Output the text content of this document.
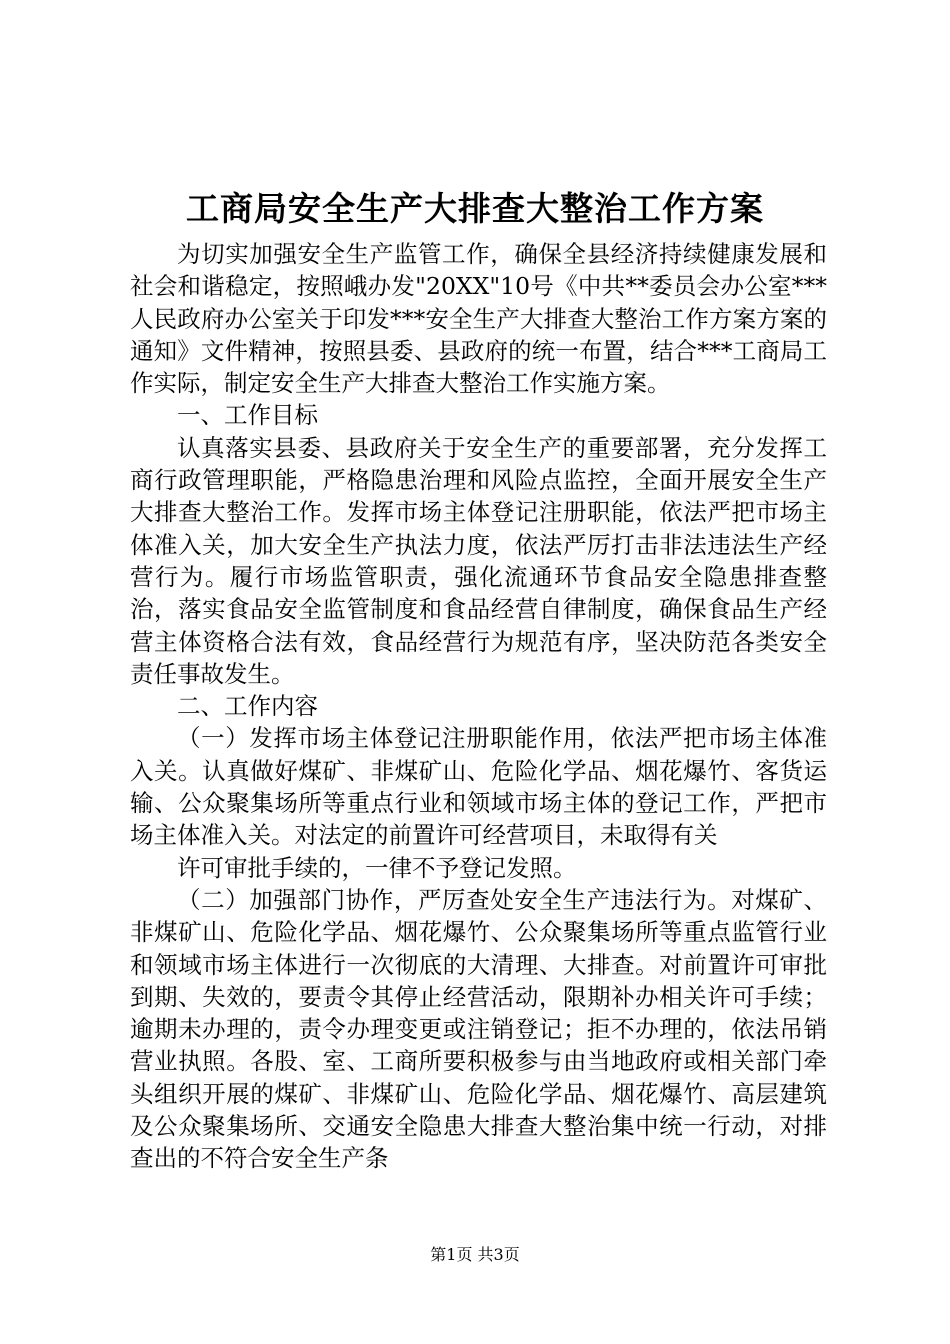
工商局安全生产大排查大整治工作方案

为切实加强安全生产监管工作，确保全县经济持续健康发展和社会和谐稳定，按照峨办发"20XX"10号《中共**委员会办公室***人民政府办公室关于印发***安全生产大排查大整治工作方案方案的通知》文件精神，按照县委、县政府的统一布置，结合***工商局工作实际，制定安全生产大排查大整治工作实施方案。

一、工作目标

认真落实县委、县政府关于安全生产的重要部署，充分发挥工商行政管理职能，严格隐患治理和风险点监控，全面开展安全生产大排查大整治工作。发挥市场主体登记注册职能，依法严把市场主体准入关，加大安全生产执法力度，依法严厉打击非法违法生产经营行为。履行市场监管职责，强化流通环节食品安全隐患排查整治，落实食品安全监管制度和食品经营自律制度，确保食品生产经营主体资格合法有效，食品经营行为规范有序，坚决防范各类安全责任事故发生。

二、工作内容

（一）发挥市场主体登记注册职能作用，依法严把市场主体准入关。认真做好煤矿、非煤矿山、危险化学品、烟花爆竹、客货运输、公众聚集场所等重点行业和领域市场主体的登记工作，严把市场主体准入关。对法定的前置许可经营项目，未取得有关

许可审批手续的，一律不予登记发照。

（二）加强部门协作，严厉查处安全生产违法行为。对煤矿、非煤矿山、危险化学品、烟花爆竹、公众聚集场所等重点监管行业和领域市场主体进行一次彻底的大清理、大排查。对前置许可审批到期、失效的，要责令其停止经营活动，限期补办相关许可手续；逾期未办理的，责令办理变更或注销登记；拒不办理的，依法吊销营业执照。各股、室、工商所要积极参与由当地政府或相关部门牵头组织开展的煤矿、非煤矿山、危险化学品、烟花爆竹、高层建筑及公众聚集场所、交通安全隐患大排查大整治集中统一行动，对排查出的不符合安全生产条

第1页 共3页
